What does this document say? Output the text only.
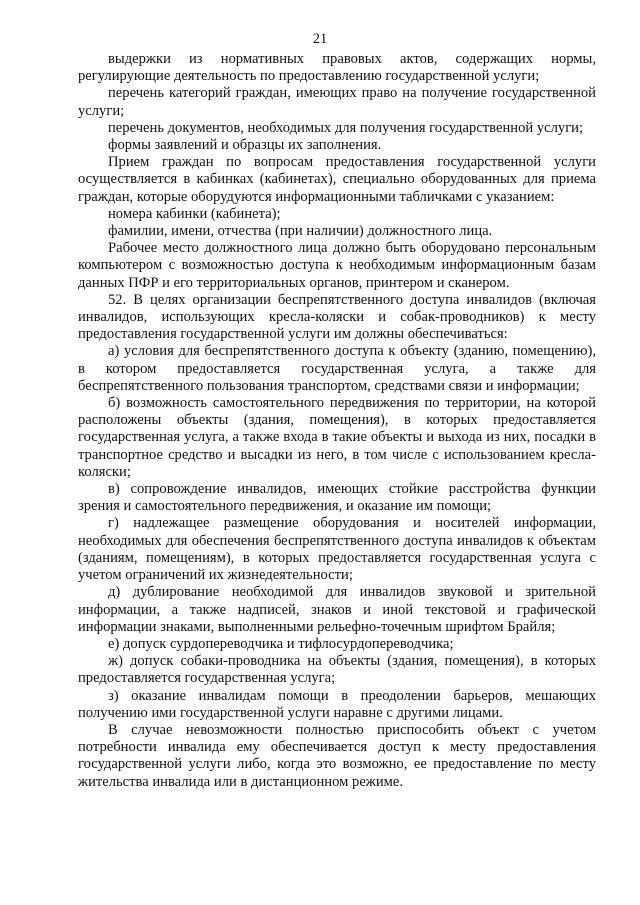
21

выдержки из нормативных правовых актов, содержащих нормы, регулирующие деятельность по предоставлению государственной услуги;

перечень категорий граждан, имеющих право на получение государственной услуги;

перечень документов, необходимых для получения государственной услуги;

формы заявлений и образцы их заполнения.

Прием граждан по вопросам предоставления государственной услуги осуществляется в кабинках (кабинетах), специально оборудованных для приема граждан, которые оборудуются информационными табличками с указанием:

номера кабинки (кабинета);

фамилии, имени, отчества (при наличии) должностного лица.

Рабочее место должностного лица должно быть оборудовано персональным компьютером с возможностью доступа к необходимым информационным базам данных ПФР и его территориальных органов, принтером и сканером.

52. В целях организации беспрепятственного доступа инвалидов (включая инвалидов, использующих кресла-коляски и собак-проводников) к месту предоставления государственной услуги им должны обеспечиваться:

а) условия для беспрепятственного доступа к объекту (зданию, помещению), в котором предоставляется государственная услуга, а также для беспрепятственного пользования транспортом, средствами связи и информации;

б) возможность самостоятельного передвижения по территории, на которой расположены объекты (здания, помещения), в которых предоставляется государственная услуга, а также входа в такие объекты и выхода из них, посадки в транспортное средство и высадки из него, в том числе с использованием кресла-коляски;

в) сопровождение инвалидов, имеющих стойкие расстройства функции зрения и самостоятельного передвижения, и оказание им помощи;

г) надлежащее размещение оборудования и носителей информации, необходимых для обеспечения беспрепятственного доступа инвалидов к объектам (зданиям, помещениям), в которых предоставляется государственная услуга с учетом ограничений их жизнедеятельности;

д) дублирование необходимой для инвалидов звуковой и зрительной информации, а также надписей, знаков и иной текстовой и графической информации знаками, выполненными рельефно-точечным шрифтом Брайля;

е) допуск сурдопереводчика и тифлосурдопереводчика;

ж) допуск собаки-проводника на объекты (здания, помещения), в которых предоставляется государственная услуга;

з) оказание инвалидам помощи в преодолении барьеров, мешающих получению ими государственной услуги наравне с другими лицами.

В случае невозможности полностью приспособить объект с учетом потребности инвалида ему обеспечивается доступ к месту предоставления государственной услуги либо, когда это возможно, ее предоставление по месту жительства инвалида или в дистанционном режиме.
